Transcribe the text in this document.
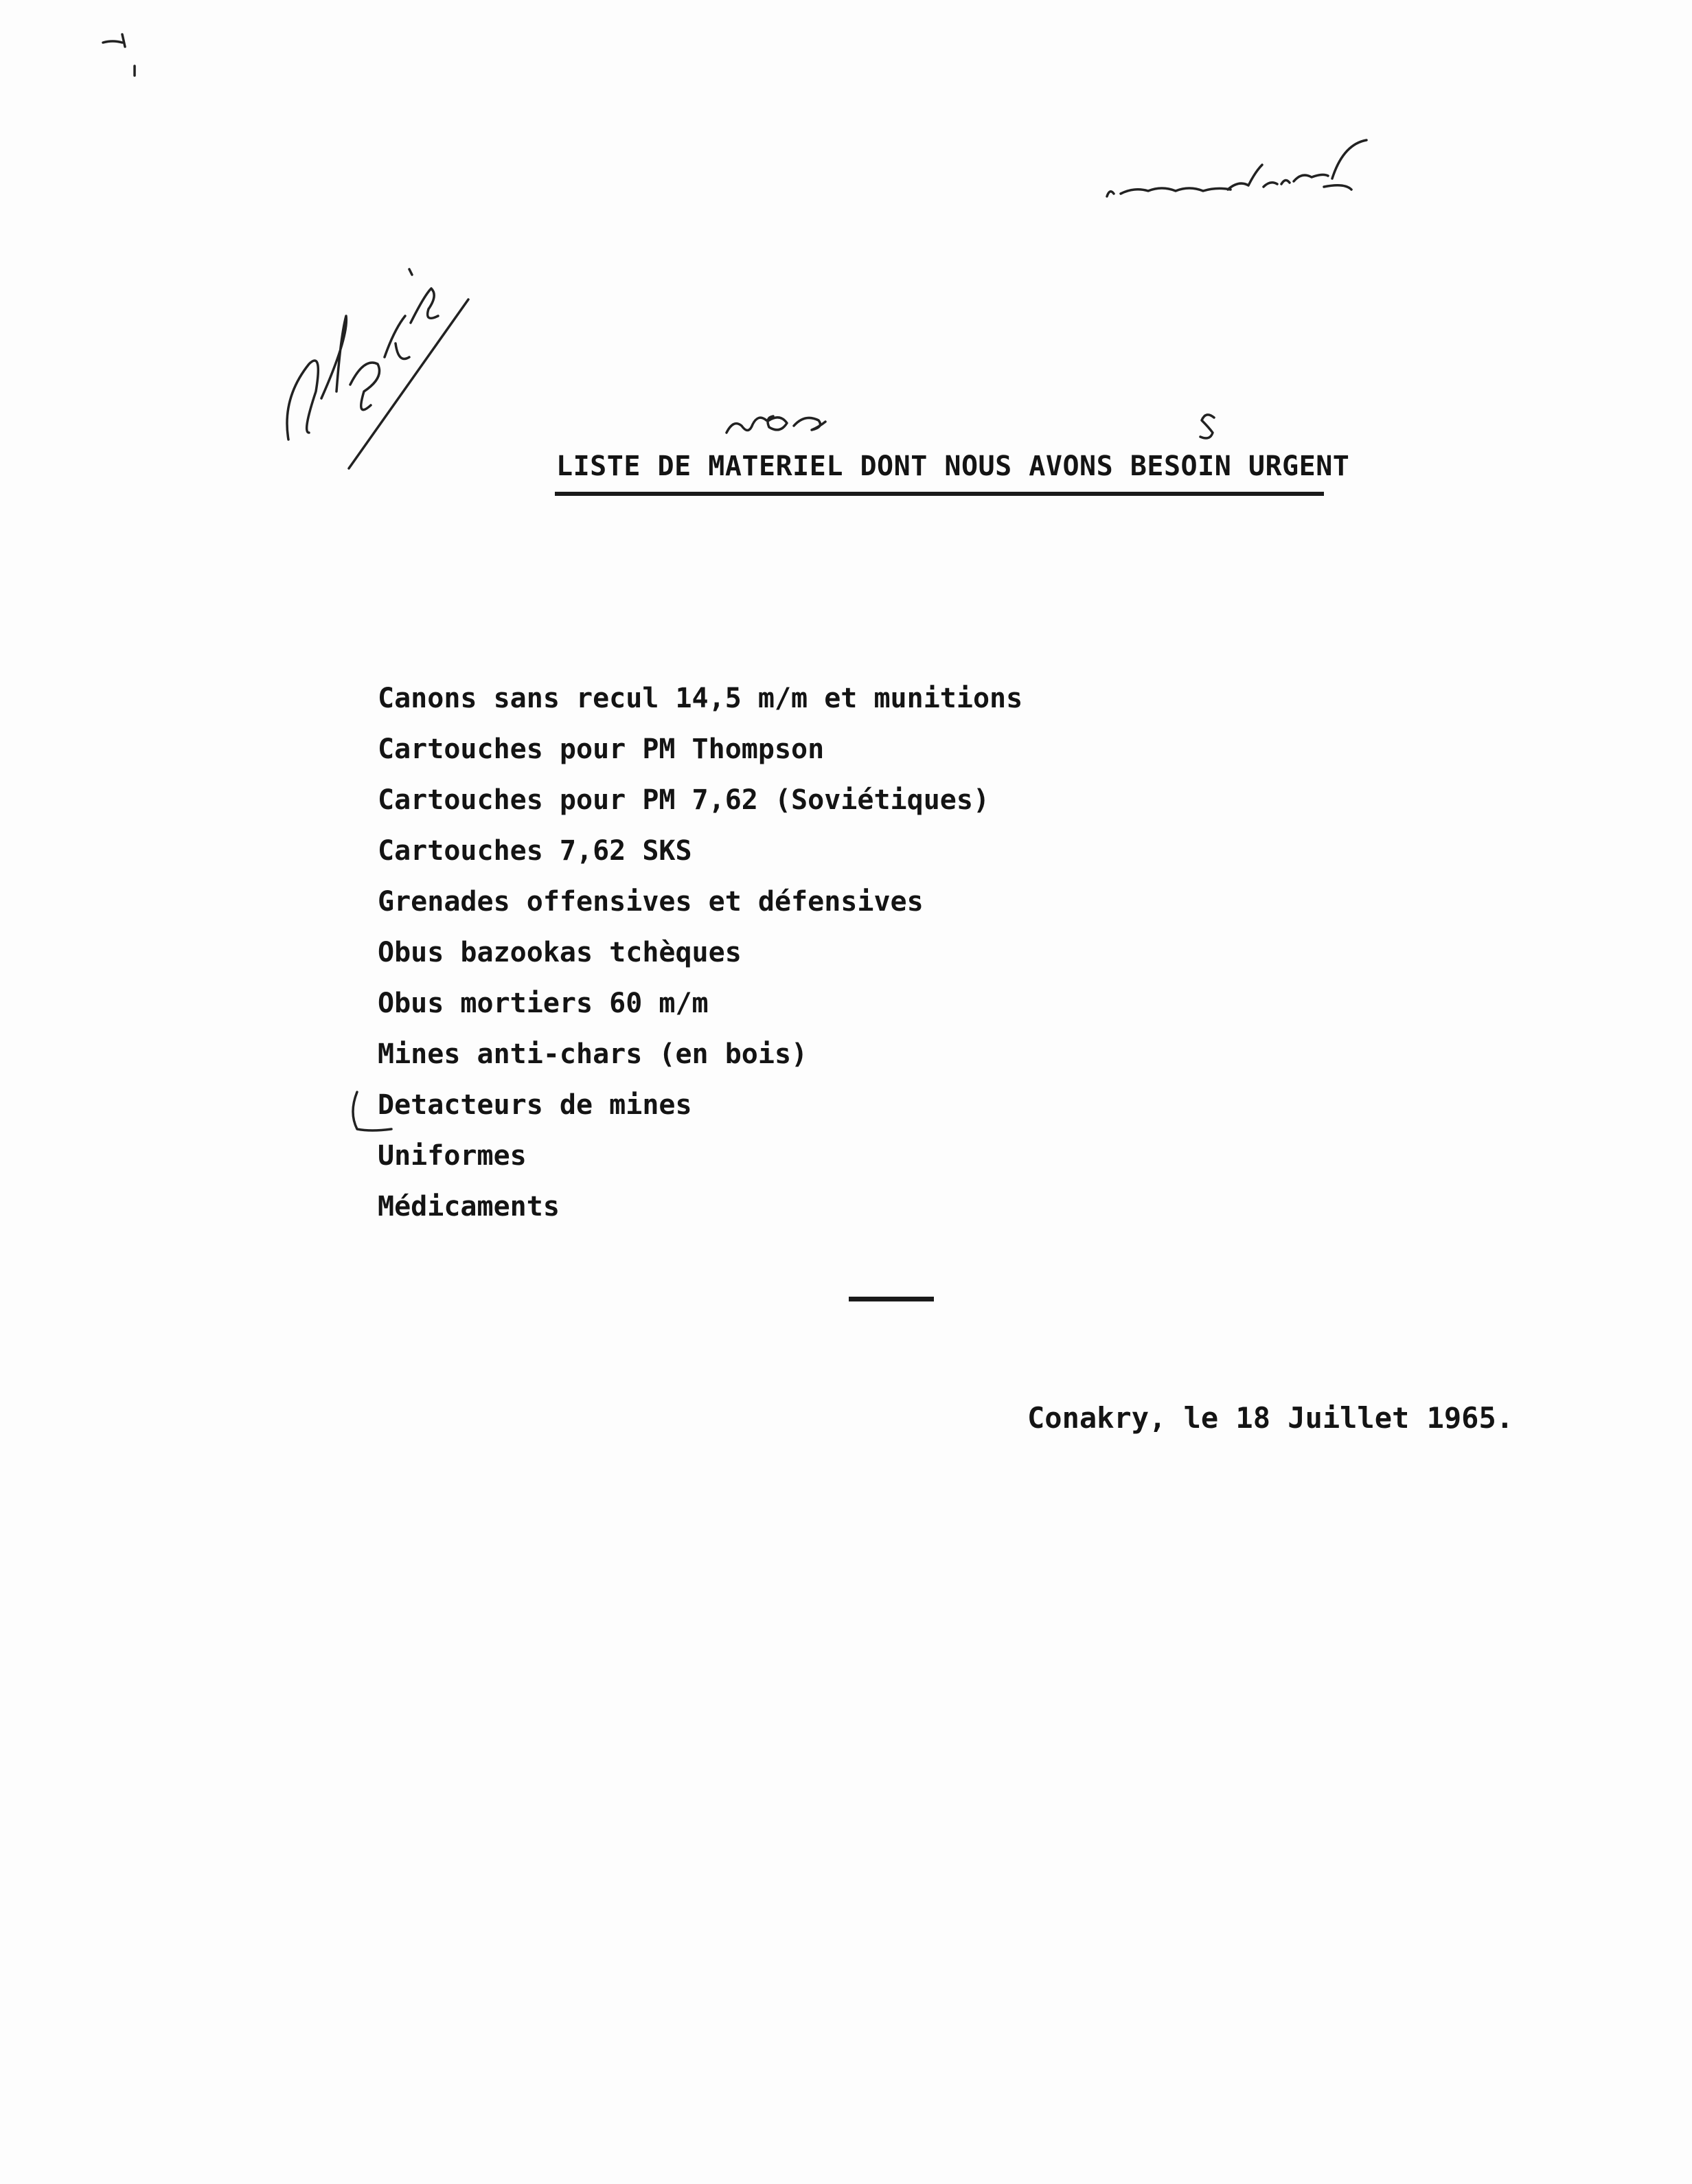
LISTE DE MATERIEL DONT NOUS AVONS BESOIN URGENT
Canons sans recul 14,5 m/m et munitions
Cartouches pour PM Thompson
Cartouches pour PM 7,62 (Soviétiques)
Cartouches 7,62 SKS
Grenades offensives et défensives
Obus bazookas tchèques
Obus mortiers 60 m/m
Mines anti-chars (en bois)
Detacteurs de mines
Uniformes
Médicaments
Conakry, le 18 Juillet 1965.
